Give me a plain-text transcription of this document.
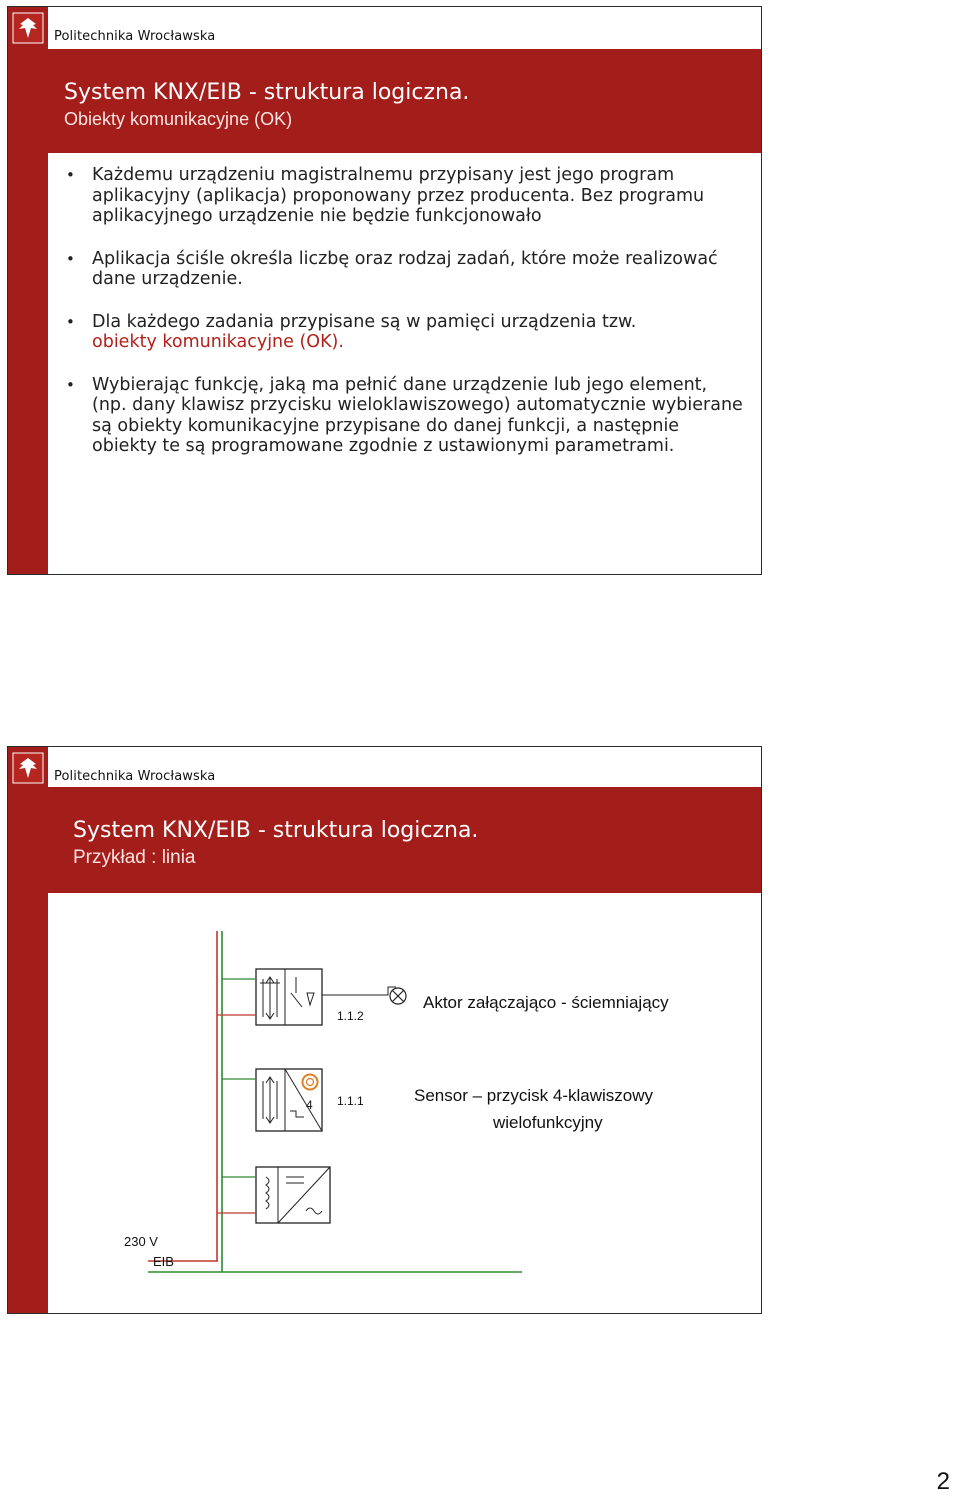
Politechnika Wrocławska
System KNX/EIB - struktura logiczna.
Obiekty komunikacyjne (OK)
• Każdemu urządzeniu magistralnemu przypisany jest jego program aplikacyjny (aplikacja) proponowany przez producenta. Bez programu aplikacyjnego urządzenie nie będzie funkcjonowało
• Aplikacja ściśle określa liczbę oraz rodzaj zadań, które może realizować dane urządzenie.
• Dla każdego zadania przypisane są w pamięci urządzenia tzw.
obiekty komunikacyjne (OK).
• Wybierając funkcję, jaką ma pełnić dane urządzenie lub jego element, (np. dany klawisz przycisku wieloklawiszowego) automatycznie wybierane są obiekty komunikacyjne przypisane do danej funkcji, a następnie obiekty te są programowane zgodnie z ustawionymi parametrami.
Politechnika Wrocławska
System KNX/EIB - struktura logiczna.
Przykład : linia
1.1.2
Aktor załączająco - ściemniający
4 1.1.1	Sensor – przycisk 4-klawiszowy
wielofunkcyjny
230 V
EIB
2
